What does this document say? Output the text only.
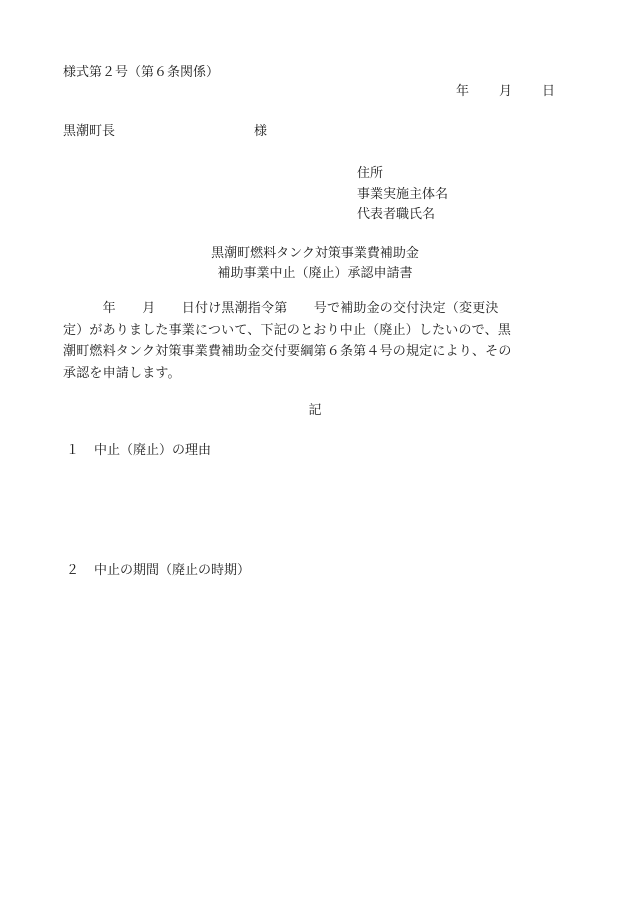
様式第２号（第６条関係）
年 月 日
黒潮町長	様
住所
事業実施主体名
代表者職氏名
黒潮町燃料タンク対策事業費補助金
補助事業中止（廃止）承認申請書
　　　年　　月　　日付け黒潮指令第　　号で補助金の交付決定（変更決
定）がありました事業について、下記のとおり中止（廃止）したいので、黒
潮町燃料タンク対策事業費補助金交付要綱第６条第４号の規定により、その
承認を申請します。
記
１ 中止（廃止）の理由
２ 中止の期間（廃止の時期）
